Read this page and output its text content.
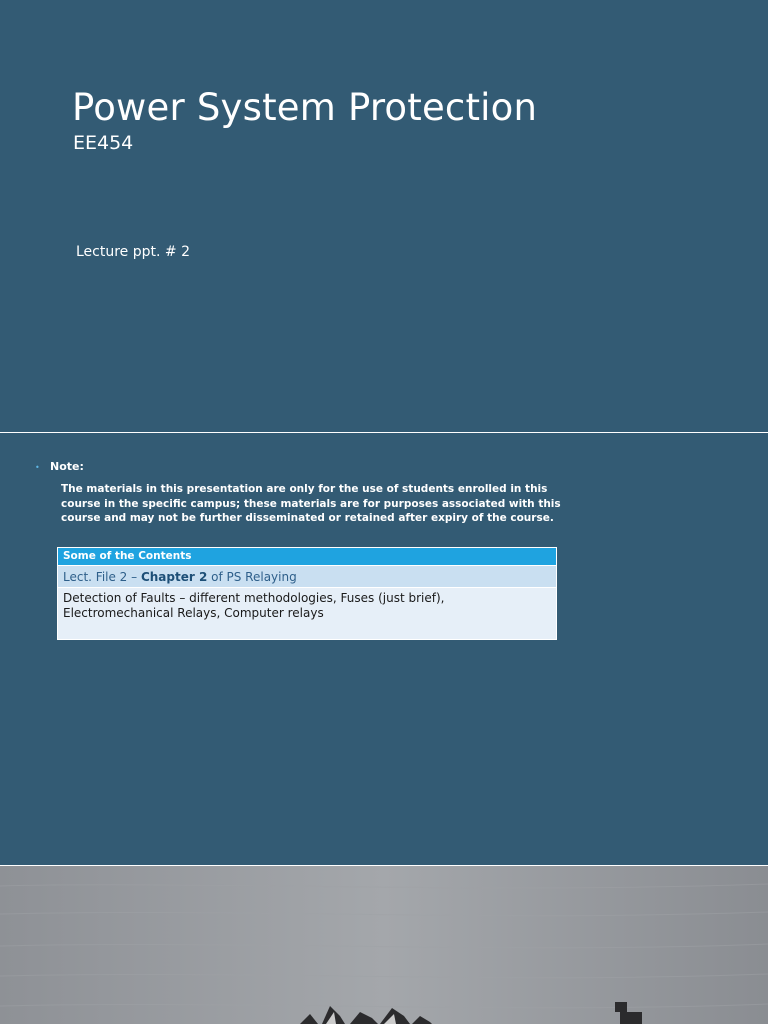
Power System Protection
EE454
Lecture ppt. # 2
• Note:
The materials in this presentation are only for the use of students enrolled in this course in the specific campus; these materials are for purposes associated with this course and may not be further disseminated or retained after expiry of the course.
Some of the Contents
Lect. File 2 – Chapter 2 of PS Relaying
Detection of Faults – different methodologies, Fuses (just brief), Electromechanical Relays, Computer relays
